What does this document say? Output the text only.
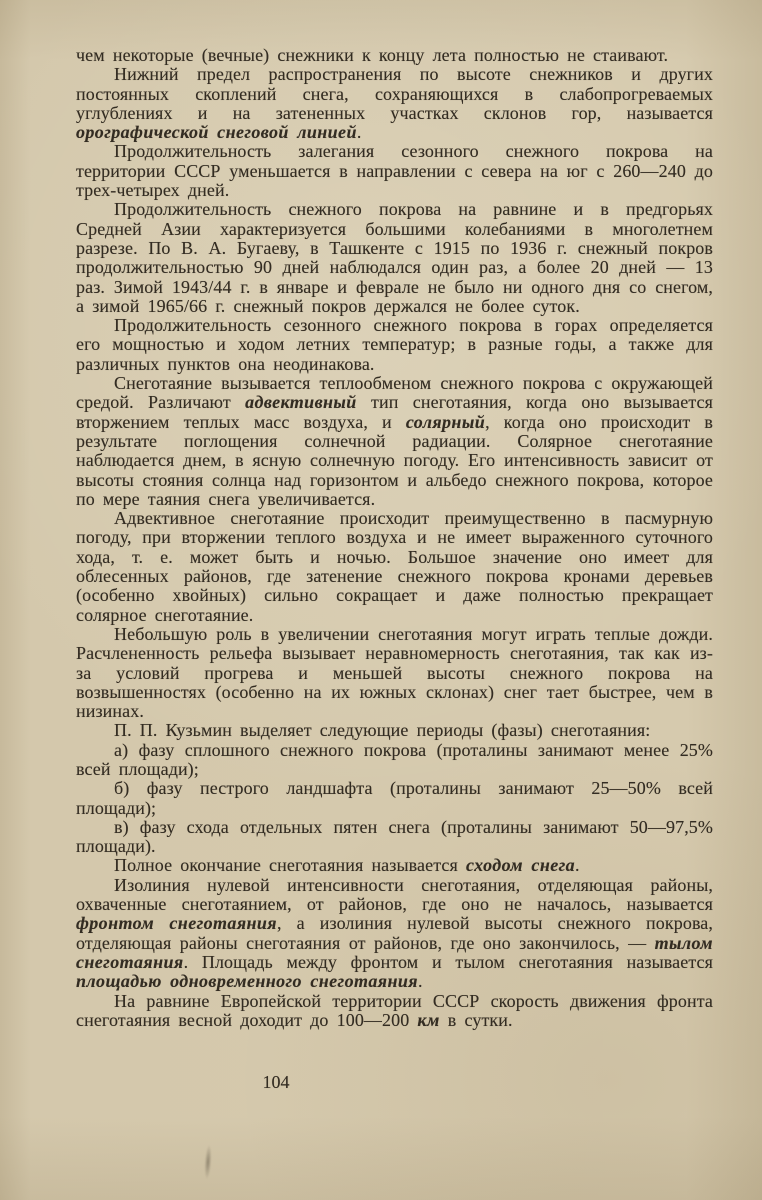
чем некоторые (вечные) снежники к концу лета полностью не стаивают.

Нижний предел распространения по высоте снежников и других постоянных скоплений снега, сохраняющихся в слабопрогреваемых углублениях и на затененных участках склонов гор, называется орографической снеговой линией.

Продолжительность залегания сезонного снежного покрова на территории СССР уменьшается в направлении с севера на юг с 260—240 до трех-четырех дней.

Продолжительность снежного покрова на равнине и в предгорьях Средней Азии характеризуется большими колебаниями в многолетнем разрезе. По В. А. Бугаеву, в Ташкенте с 1915 по 1936 г. снежный покров продолжительностью 90 дней наблюдался один раз, а более 20 дней — 13 раз. Зимой 1943/44 г. в январе и феврале не было ни одного дня со снегом, а зимой 1965/66 г. снежный покров держался не более суток.

Продолжительность сезонного снежного покрова в горах определяется его мощностью и ходом летних температур; в разные годы, а также для различных пунктов она неодинакова.

Снеготаяние вызывается теплообменом снежного покрова с окружающей средой. Различают адвективный тип снеготаяния, когда оно вызывается вторжением теплых масс воздуха, и солярный, когда оно происходит в результате поглощения солнечной радиации. Солярное снеготаяние наблюдается днем, в ясную солнечную погоду. Его интенсивность зависит от высоты стояния солнца над горизонтом и альбедо снежного покрова, которое по мере таяния снега увеличивается.

Адвективное снеготаяние происходит преимущественно в пасмурную погоду, при вторжении теплого воздуха и не имеет выраженного суточного хода, т. е. может быть и ночью. Большое значение оно имеет для облесенных районов, где затенение снежного покрова кронами деревьев (особенно хвойных) сильно сокращает и даже полностью прекращает солярное снеготаяние.

Небольшую роль в увеличении снеготаяния могут играть теплые дожди. Расчлененность рельефа вызывает неравномерность снеготаяния, так как из-за условий прогрева и меньшей высоты снежного покрова на возвышенностях (особенно на их южных склонах) снег тает быстрее, чем в низинах.

П. П. Кузьмин выделяет следующие периоды (фазы) снеготаяния:

а) фазу сплошного снежного покрова (проталины занимают менее 25% всей площади);

б) фазу пестрого ландшафта (проталины занимают 25—50% всей площади);

в) фазу схода отдельных пятен снега (проталины занимают 50—97,5% площади).

Полное окончание снеготаяния называется сходом снега.

Изолиния нулевой интенсивности снеготаяния, отделяющая районы, охваченные снеготаянием, от районов, где оно не началось, называется фронтом снеготаяния, а изолиния нулевой высоты снежного покрова, отделяющая районы снеготаяния от районов, где оно закончилось, — тылом снеготаяния. Площадь между фронтом и тылом снеготаяния называется площадью одновременного снеготаяния.

На равнине Европейской территории СССР скорость движения фронта снеготаяния весной доходит до 100—200 км в сутки.

104
